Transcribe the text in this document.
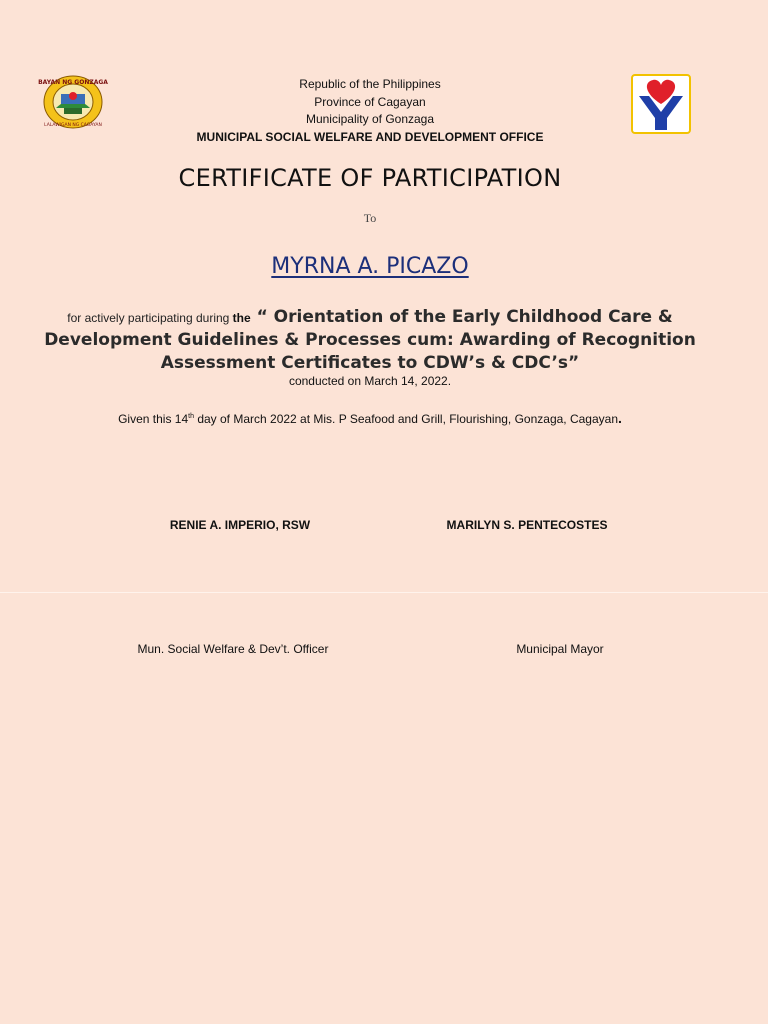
BAYAN NG GONZAGA
LALAWIGAN NG CAGAYAN
Republic of the Philippines
Province of Cagayan
Municipality of Gonzaga
MUNICIPAL SOCIAL WELFARE AND DEVELOPMENT OFFICE
CERTIFICATE OF PARTICIPATION
To
MYRNA A. PICAZO
for actively participating during the “ Orientation of the Early Childhood Care & Development Guidelines & Processes cum: Awarding of Recognition Assessment Certificates to CDW’s & CDC’s”
conducted on March 14, 2022.
Given this 14th day of March 2022 at Mis. P Seafood and Grill, Flourishing, Gonzaga, Cagayan.
RENIE A. IMPERIO, RSW	MARILYN S. PENTECOSTES
Mun. Social Welfare & Dev’t. Officer	Municipal Mayor
